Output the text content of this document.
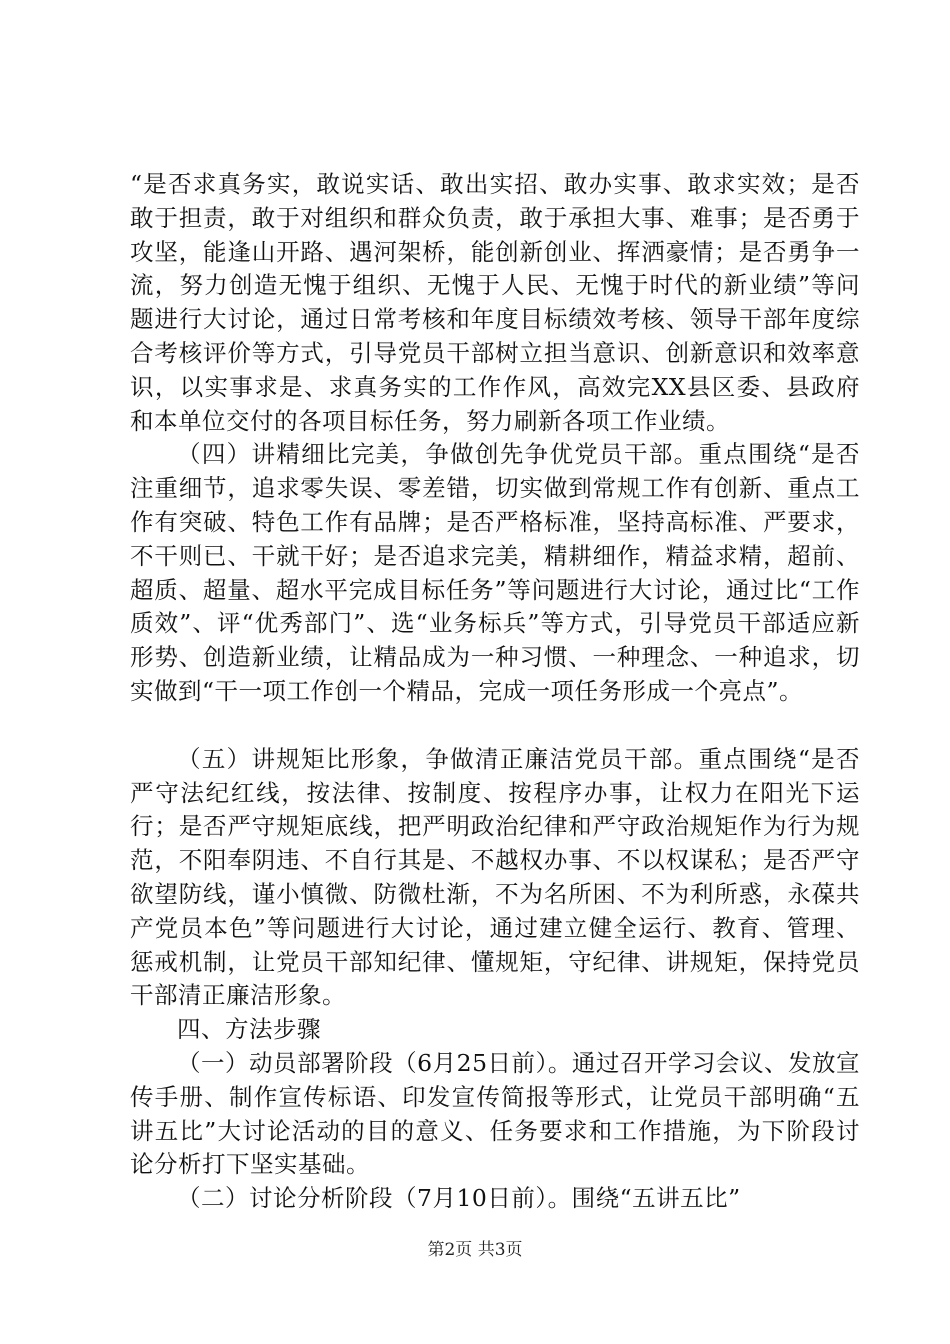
“是否求真务实，敢说实话、敢出实招、敢办实事、敢求实效；是否敢于担责，敢于对组织和群众负责，敢于承担大事、难事；是否勇于攻坚，能逢山开路、遇河架桥，能创新创业、挥洒豪情；是否勇争一流，努力创造无愧于组织、无愧于人民、无愧于时代的新业绩”等问题进行大讨论，通过日常考核和年度目标绩效考核、领导干部年度综合考核评价等方式，引导党员干部树立担当意识、创新意识和效率意识，以实事求是、求真务实的工作作风，高效完XX县区委、县政府和本单位交付的各项目标任务，努力刷新各项工作业绩。

（四）讲精细比完美，争做创先争优党员干部。重点围绕“是否注重细节，追求零失误、零差错，切实做到常规工作有创新、重点工作有突破、特色工作有品牌；是否严格标准，坚持高标准、严要求，不干则已、干就干好；是否追求完美，精耕细作，精益求精，超前、超质、超量、超水平完成目标任务”等问题进行大讨论，通过比“工作质效”、评“优秀部门”、选“业务标兵”等方式，引导党员干部适应新形势、创造新业绩，让精品成为一种习惯、一种理念、一种追求，切实做到“干一项工作创一个精品，完成一项任务形成一个亮点”。

（五）讲规矩比形象，争做清正廉洁党员干部。重点围绕“是否严守法纪红线，按法律、按制度、按程序办事，让权力在阳光下运行；是否严守规矩底线，把严明政治纪律和严守政治规矩作为行为规范，不阳奉阴违、不自行其是、不越权办事、不以权谋私；是否严守欲望防线，谨小慎微、防微杜渐，不为名所困、不为利所惑，永葆共产党员本色”等问题进行大讨论，通过建立健全运行、教育、管理、惩戒机制，让党员干部知纪律、懂规矩，守纪律、讲规矩，保持党员干部清正廉洁形象。

四、方法步骤

（一）动员部署阶段（6月25日前）。通过召开学习会议、发放宣传手册、制作宣传标语、印发宣传简报等形式，让党员干部明确“五讲五比”大讨论活动的目的意义、任务要求和工作措施，为下阶段讨论分析打下坚实基础。

（二）讨论分析阶段（7月10日前）。围绕“五讲五比”

第2页 共3页
